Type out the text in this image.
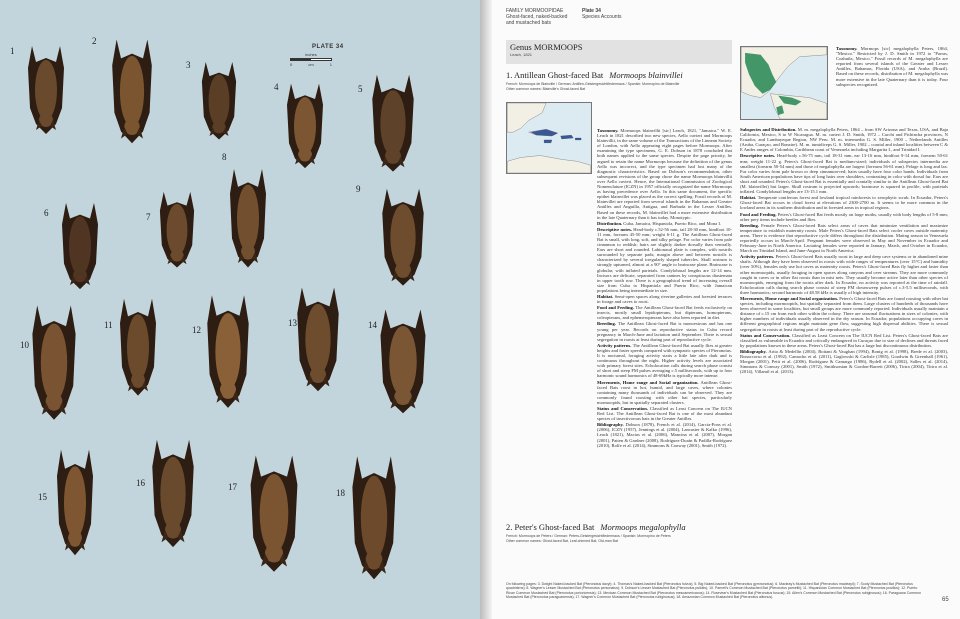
PLATE 34
inches
0	cm	1
1
2
3
4	5
6	7
8
9
10
11	12
13	14
15
16	17
18
FAMILY MORMOOPIDAE
Ghost-faced, naked-backed
and mustached bats
Plate 34
Species Accounts
Genus MORMOOPS
Leach, 1821
1. Antillean Ghost-faced Bat Mormoops blainvillei
French: Mormoops de Blainville / German: Antillen-Geistergesichtfledermaus / Spanish: Mormopino de Blainville
Other common names: Blainville's Ghost-faced Bat

Taxonomy. Mormoops blainvillii [sic] Leach, 1821, "Jamaica." W. E. Leach in 1821 described two new species, Aello cuvieri and Mormoops blainvillii, in the same volume of the Transactions of the Linnean Society of London, with Aello appearing eight pages before Mormoops. After examining the type specimens, G. E. Dobson in 1878 concluded that both names applied to the same species. Despite the page priority, he argued to retain the name Mormoops because the definition of the genus Aello was incorrect, and the type specimen had lost many of the diagnostic characteristics. Based on Dobson's recommendation, other subsequent revisions of the group chose the name Mormoops blainvillii over Aello cuvieri. Hence, the International Commission of Zoological Nomenclature (ICZN) in 1957 officially recognized the name Mormoops as having precedence over Aello. In this same document, the specific epithet blainvillei was placed as the correct spelling. Fossil records of M. blainvillei are reported from several islands in the Bahamas and Greater Antilles and Anguilla, Antigua, and Barbuda in the Lesser Antilles. Based on these records, M. blainvillei had a more extensive distribution in the late Quaternary than it has today. Monotypic.

Distribution. Cuba, Jamaica, Hispaniola, Puerto Rico, and Mona I.

Descriptive notes. Head-body c.52-56 mm, tail 28-30 mm, hindfoot 10-11 mm, forearm 45-50 mm; weight 6-11 g. The Antillean Ghost-faced Bat is small, with long, soft, and silky pelage. For color varies from pale cinnamon to reddish; hairs are slightly darker dorsally than ventrally. Ears are short and rounded. Labionasal plate is complex, with nostrils surrounded by separate pads; margin above and between nostrils is characterized by several irregularly shaped tubercles. Skull rostrum is strongly upturned, almost at a 90° angle to braincase plane. Braincase is globular, with inflated parietals. Condylobasal lengths are 12-14 mm. Incisors are delicate, separated from canines by conspicuous diastemata in upper tooth row. There is a geographical trend of increasing overall size from Cuba to Hispaniola and Puerto Rico, with Jamaican populations being intermediate in size.

Habitat. Semi-open spaces along riverine galleries and forested terraces in forage and caves to roost.

Food and Feeding. The Antillean Ghost-faced Bat feeds exclusively on insects, mostly small lepidopterans, but dipterans, homopterans, coleopterans, and ephemeropterans have also been reported in diet.

Breeding. The Antillean Ghost-faced Bat is monoestrous and has one young per year. Records on reproductive status in Cuba record pregnancy in March-June and lactation until September. There is sexual segregation in roosts at least during part of reproductive cycle.

Activity patterns. The Antillean Ghost-faced Bat usually flies at greater heights and faster speeds compared with sympatric species of Pteronotus. It is nocturnal, foraging activity starts a little late after dark and is continuous throughout the night. Higher activity levels are associated with primary forest sites. Echolocation calls during search phase consist of short and steep FM pulses averaging c.5 milliseconds, with up to four harmonic sound harmonics of 48-69kHz is typically more intense.

Movements, Home range and Social organization. Antillean Ghost-faced Bats roost in hot, humid, and large caves, where colonies containing many thousands of individuals can be observed. They are commonly found roosting with other bat species, particularly mormoopids, but in spatially separated clusters.

Status and Conservation. Classified as Least Concern on The IUCN Red List. The Antillean Ghost-faced Bat is one of the most abundant species of insectivorous bats in the Greater Antilles.

Bibliography. Dobson (1878), French et al. (2014), Garcia-Pons et al. (2006), ICZN (1957), Jennings et al. (2004), Lancaster & Kalko (1996), Leach (1821), Macias et al. (2006), Mancina et al. (2007), Morgan (2001), Patten & Gardner (2008), Rodríguez-Durán & Padilla-Rodríguez (2010), Rolfe et al. (2014), Simmons & Conway (2001), Smith (1972).

2. Peter's Ghost-faced Bat Mormoops megalophylla
French: Mormoops de Peters / German: Peters-Geistergesichtfledermaus / Spanish: Mormopino de Peters
Other common names: Ghost-faced Bat, Leaf-chinned Bat, Old-man Bat

Taxonomy. Mormops [sic] megalophylla Peters, 1864, "Mexico." Restricted by J. D. Smith in 1972 to "Parras, Coahuila, Mexico." Fossil records of M. megalophylla are reported from several islands of the Greater and Lesser Antilles, Bahamas, Florida (USA), and Aruba (Brazil). Based on these records, distribution of M. megalophylla was more extensive in the late Quaternary than it is today. Four subspecies recognized.

Subspecies and Distribution. M. m. megalophylla Peters, 1864 – from SW Arizona and Texas, USA, and Baja California, Mexico, S to W Nicaragua. M. m. carteri J. D. Smith, 1972 – Carchi and Pichincha provinces, N Ecuador, and Lambayeque Region, NW Peru. M. m. intermedia G. S. Miller, 1900 – Netherlands Antilles (Aruba, Curaçao, and Bonaire). M. m. tumidiceps G. S. Miller, 1902 – coastal and inland localities between C & E Andes ranges of Colombia, Caribbean coast of Venezuela including Margarita I., and Trinidad I.

Descriptive notes. Head-body c.56-75 mm, tail 18-31 mm, ear 13-16 mm, hindfoot 9-14 mm, forearm 50-61 mm; weight 11-22 g. Peters's Ghost-faced Bat is medium-sized; individuals of subspecies intermedia are smallest (forearm 50-54 mm) and those of megalophylla are largest (forearm 56-61 mm). Pelage is long and lax. Fur color varies from pale brown or deep cinnamon-red; hairs usually have four color bands. Individuals from South American populations have tips of long hairs over shoulders, contrasting in color with dorsal fur. Ears are short and rounded. Peters's Ghost-faced Bat is essentially and cranially similar to the Antillean Ghost-faced Bat (M. blainvillei) but larger. Skull rostrum is projected upwards; braincase is squared in profile, with parietals inflated. Condylobasal lengths are 13-15.1 mm.

Habitat. Temperate coniferous forest and lowland tropical rainforests to xerophytic scrub. In Ecuador, Peters's Ghost-faced Bat occurs in cloud forest at elevations of 2300-2700 m. It seems to be more common in the lowland areas in its southern distribution and in forested areas in tropical regions.

Food and Feeding. Peters's Ghost-faced Bat feeds mostly on large moths, usually with body lengths of 5-8 mm; other prey items include beetles and flies.

Breeding. Female Peters's Ghost-faced Bats select areas of caves that minimize ventilation and maximize temperature to establish maternity roosts. Male Peters's Ghost-faced Bats select cooler caves outside maternity areas. There is evidence that reproductive cycle differs throughout the distribution. Mating season in Venezuela reportedly occurs in March-April. Pregnant females were observed in May and November in Ecuador and February-June in North America. Lactating females were reported in January, March, and October in Ecuador, March on Trinidad Island, and June-August in North America.

Activity patterns. Peters's Ghost-faced Bats usually roost in large and deep cave systems or in abandoned mine shafts. Although they have been observed in roosts with wide ranges of temperatures (over 15°C) and humidity (over 50%), females only use hot caves as maternity roosts. Peters's Ghost-faced Bats fly higher and faster than other mormoopids, usually foraging in open spaces along canyons and over streams. They are more commonly caught in caves or in other flat roosts than in mist nets. They usually become active later than other species of mormoopids, emerging from the roosts after dark. In Ecuador, no activity was reported at the time of rainfall. Echolocation calls during search phase consist of steep FM downsweep pulses of c.3-5.5 milliseconds, with three harmonics; second harmonic of 48.58 kHz is usually of high intensity.

Movements, Home range and Social organization. Peters's Ghost-faced Bats are found roosting with other bat species, including mormoopids, but spatially separated from them. Large clusters of hundreds of thousands have been observed in some localities, but small groups are more commonly reported. Individuals usually maintain a distance of c.15 cm from each other within the colony. There are seasonal fluctuations in sizes of colonies, with higher numbers of individuals usually observed in the dry season. In Ecuador, populations occupying caves in different geographical regions might maintain gene flow, suggesting high dispersal abilities. There is sexual segregation in roosts at least during part of the reproductive cycle.

Status and Conservation. Classified as Least Concern on The IUCN Red List. Peters's Ghost-faced Bats are classified as vulnerable in Ecuador and critically endangered in Curaçao due to size of declines and threats faced by populations known in these areas. Peters's Ghost-faced Bat has a large but discontinuous distribution.

Bibliography. Arita & Medellín (2004), Boitani & Vaughan (1994), Bonig et al. (1998), Brede et al. (2003), Bonaccorso et al. (1992), Camacho et al. (2011), Gaglowski & Carlisle (1985), Goodwin & Greenhall (1961), Morgan (2001), Petit et al. (2006), Rodríguez & Camargo (1986), Rydell et al. (2002), Salles et al. (2014), Simmons & Conway (2001), Smith (1972), Smithsonian & Gordon-Barrett (2006), Tirira (2004), Tirira et al. (2014), Villamil et al. (2013).

On following pages: 3. Dwight Naked-backed Bat (Pteronotus davyi); 4. Thomas's Naked-backed Bat (Pteronotus fulvus); 5. Big Naked-backed Bat (Pteronotus gymnonotus); 6. Macleay's Mustached Bat (Pteronotus macleayii); 7. Sooty Mustached Bat (Pteronotus quadridens); 8. Wagner's Lesser Mustached Bat (Pteronotus personatus); 9. Dobson's Lesser Mustached Bat (Pteronotus psilotis); 10. Parnell's Common Mustached Bat (Pteronotus parnellii); 11. Hispaniolan Common Mustached Bat (Pteronotus pusillus); 12. Puerto Rican Common Mustached Bat (Pteronotus portoricensis); 13. Mexican Common Mustached Bat (Pteronotus mesoamericanus); 14. Rosevear's Mustached Bat (Pteronotus fuscus); 15. Allen's Common Mustached Bat (Pteronotus rubiginosus); 16. Paraguana Common Mustached Bat (Pteronotus paraguanensis); 17. Wagner's Common Mustached Bat (Pteronotus rubiginosus); 18. Amazonian Common Mustached Bat (Pteronotus alitonus).	65
